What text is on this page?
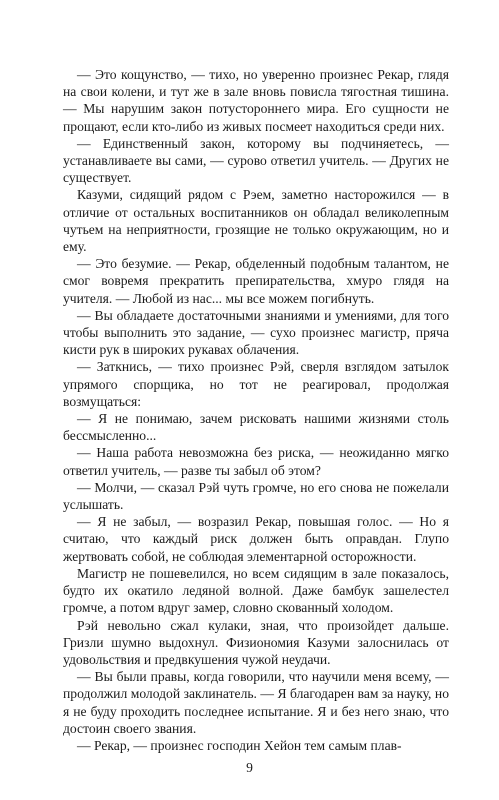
— Это кощунство, — тихо, но уверенно произнес Рекар, глядя на свои колени, и тут же в зале вновь повисла тягостная тишина. — Мы нарушим закон потустороннего мира. Его сущности не прощают, если кто-либо из живых посмеет находиться среди них.

— Единственный закон, которому вы подчиняетесь, — устанавливаете вы сами, — сурово ответил учитель. — Других не существует.

Казуми, сидящий рядом с Рэем, заметно насторожился — в отличие от остальных воспитанников он обладал великолепным чутьем на неприятности, грозящие не только окружающим, но и ему.

— Это безумие. — Рекар, обделенный подобным талантом, не смог вовремя прекратить препирательства, хмуро глядя на учителя. — Любой из нас... мы все можем погибнуть.

— Вы обладаете достаточными знаниями и умениями, для того чтобы выполнить это задание, — сухо произнес магистр, пряча кисти рук в широких рукавах облачения.

— Заткнись, — тихо произнес Рэй, сверля взглядом затылок упрямого спорщика, но тот не реагировал, продолжая возмущаться:

— Я не понимаю, зачем рисковать нашими жизнями столь бессмысленно...

— Наша работа невозможна без риска, — неожиданно мягко ответил учитель, — разве ты забыл об этом?

— Молчи, — сказал Рэй чуть громче, но его снова не пожелали услышать.

— Я не забыл, — возразил Рекар, повышая голос. — Но я считаю, что каждый риск должен быть оправдан. Глупо жертвовать собой, не соблюдая элементарной осторожности.

Магистр не пошевелился, но всем сидящим в зале показалось, будто их окатило ледяной волной. Даже бамбук зашелестел громче, а потом вдруг замер, словно скованный холодом.

Рэй невольно сжал кулаки, зная, что произойдет дальше. Гризли шумно выдохнул. Физиономия Казуми залоснилась от удовольствия и предвкушения чужой неудачи.

— Вы были правы, когда говорили, что научили меня всему, — продолжил молодой заклинатель. — Я благодарен вам за науку, но я не буду проходить последнее испытание. Я и без него знаю, что достоин своего звания.

— Рекар, — произнес господин Хейон тем самым плав-

9
